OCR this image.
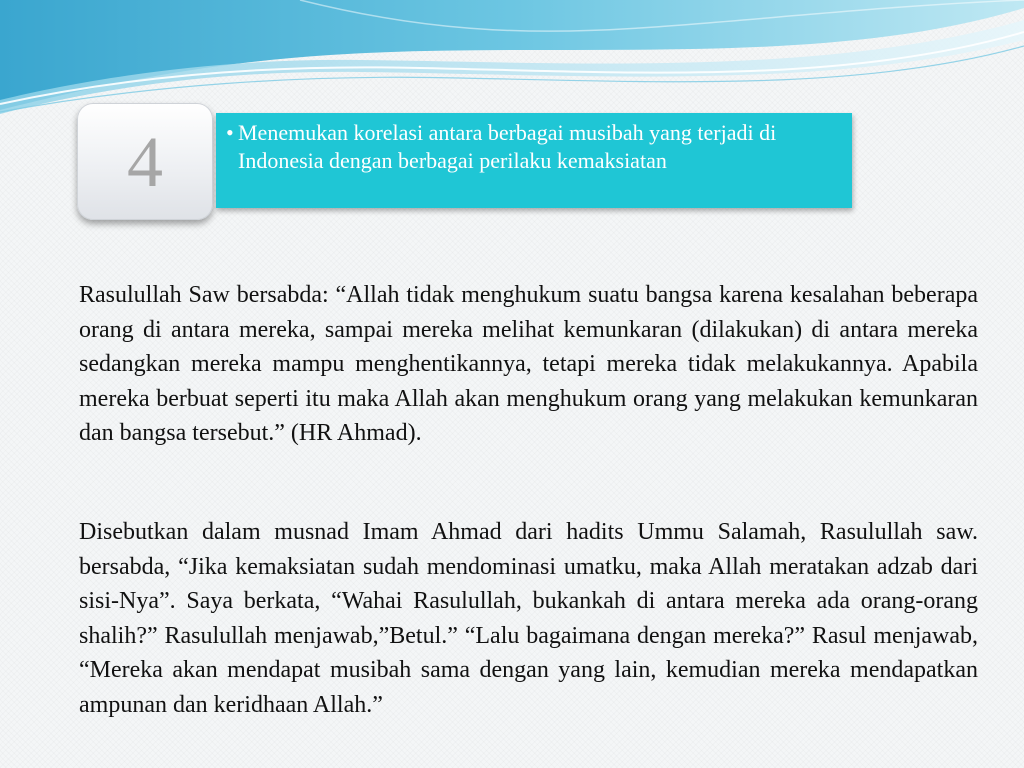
4	• Menemukan korelasi antara berbagai musibah yang terjadi di Indonesia dengan berbagai perilaku kemaksiatan

Rasulullah Saw bersabda: “Allah tidak menghukum suatu bangsa karena kesalahan beberapa orang di antara mereka, sampai mereka melihat kemunkaran (dilakukan) di antara mereka sedangkan mereka mampu menghentikannya, tetapi mereka tidak melakukannya. Apabila mereka berbuat seperti itu maka Allah akan menghukum orang yang melakukan kemunkaran dan bangsa tersebut.” (HR Ahmad).

Disebutkan dalam musnad Imam Ahmad dari hadits Ummu Salamah, Rasulullah saw. bersabda, “Jika kemaksiatan sudah mendominasi umatku, maka Allah meratakan adzab dari sisi-Nya”. Saya berkata, “Wahai Rasulullah, bukankah di antara mereka ada orang-orang shalih?” Rasulullah menjawab,”Betul.” “Lalu bagaimana dengan mereka?” Rasul menjawab, “Mereka akan mendapat musibah sama dengan yang lain, kemudian mereka mendapatkan ampunan dan keridhaan Allah.”
